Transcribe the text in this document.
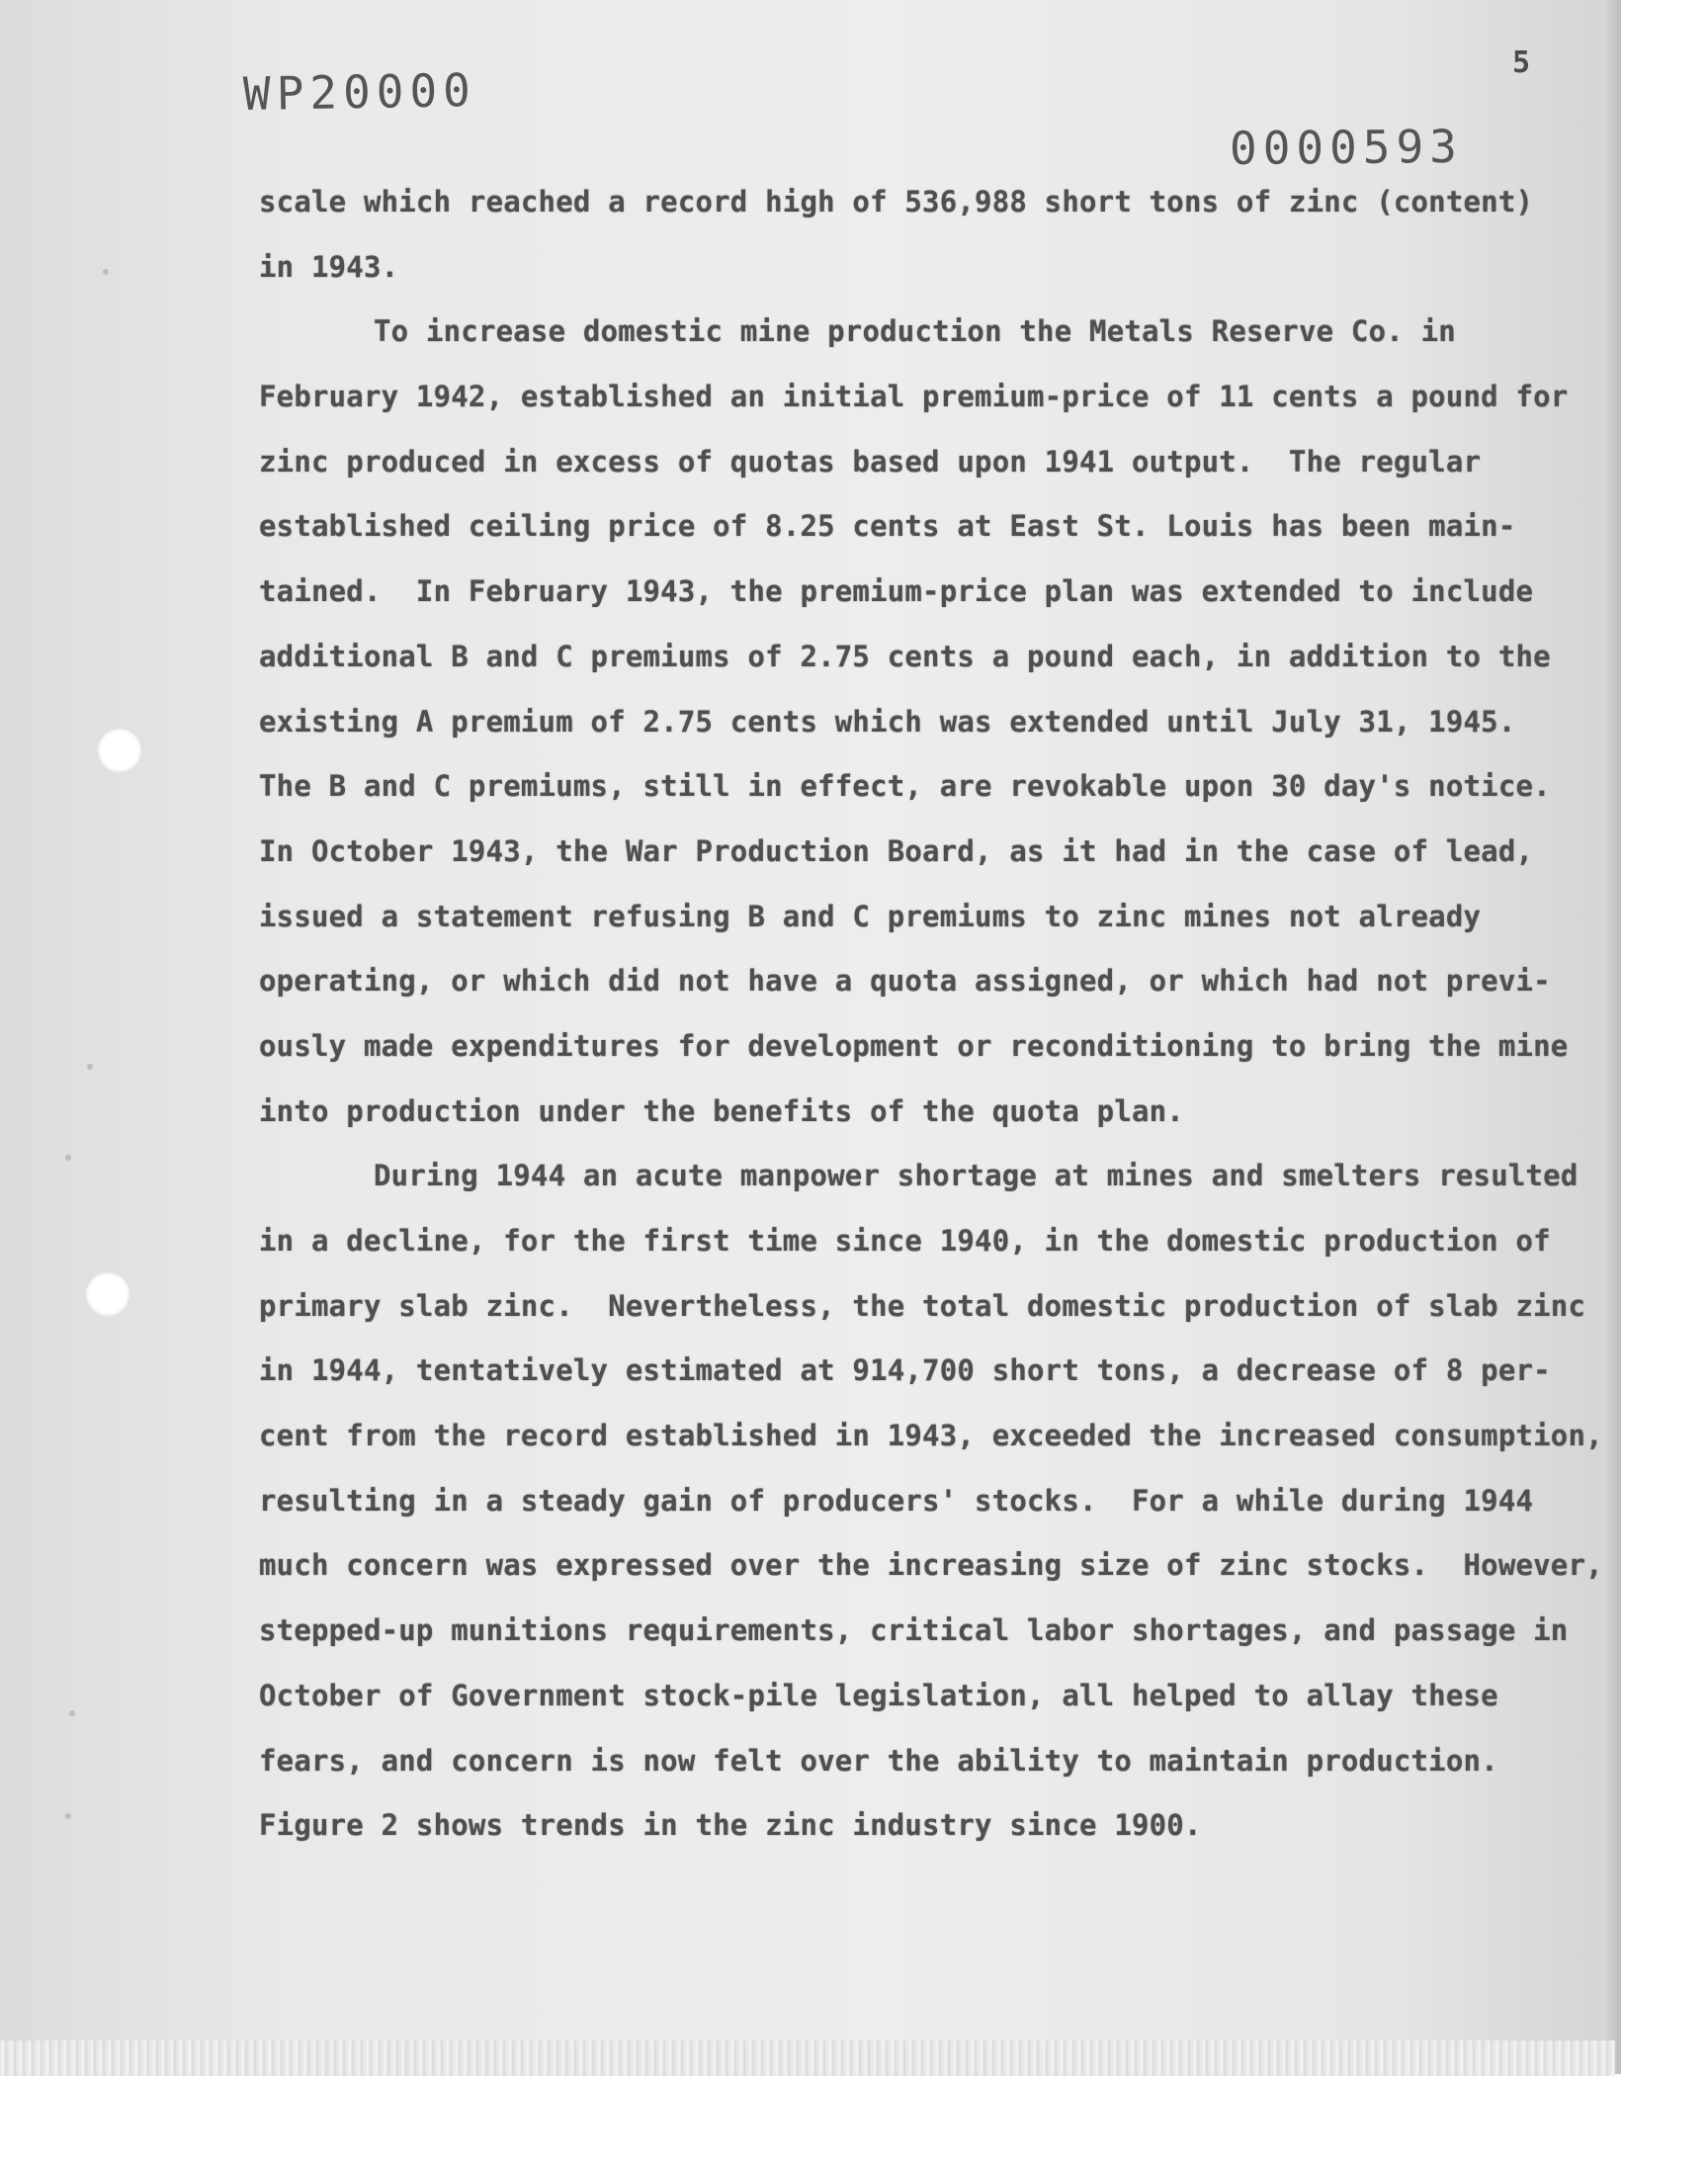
WP20000
0000593
5
scale which reached a record high of 536,988 short tons of zinc (content)
in 1943.
To increase domestic mine production the Metals Reserve Co. in
February 1942, established an initial premium-price of 11 cents a pound for
zinc produced in excess of quotas based upon 1941 output.  The regular
established ceiling price of 8.25 cents at East St. Louis has been main-
tained.  In February 1943, the premium-price plan was extended to include
additional B and C premiums of 2.75 cents a pound each, in addition to the
existing A premium of 2.75 cents which was extended until July 31, 1945.
The B and C premiums, still in effect, are revokable upon 30 day's notice.
In October 1943, the War Production Board, as it had in the case of lead,
issued a statement refusing B and C premiums to zinc mines not already
operating, or which did not have a quota assigned, or which had not previ-
ously made expenditures for development or reconditioning to bring the mine
into production under the benefits of the quota plan.
During 1944 an acute manpower shortage at mines and smelters resulted
in a decline, for the first time since 1940, in the domestic production of
primary slab zinc.  Nevertheless, the total domestic production of slab zinc
in 1944, tentatively estimated at 914,700 short tons, a decrease of 8 per-
cent from the record established in 1943, exceeded the increased consumption,
resulting in a steady gain of producers' stocks.  For a while during 1944
much concern was expressed over the increasing size of zinc stocks.  However,
stepped-up munitions requirements, critical labor shortages, and passage in
October of Government stock-pile legislation, all helped to allay these
fears, and concern is now felt over the ability to maintain production.
Figure 2 shows trends in the zinc industry since 1900.
